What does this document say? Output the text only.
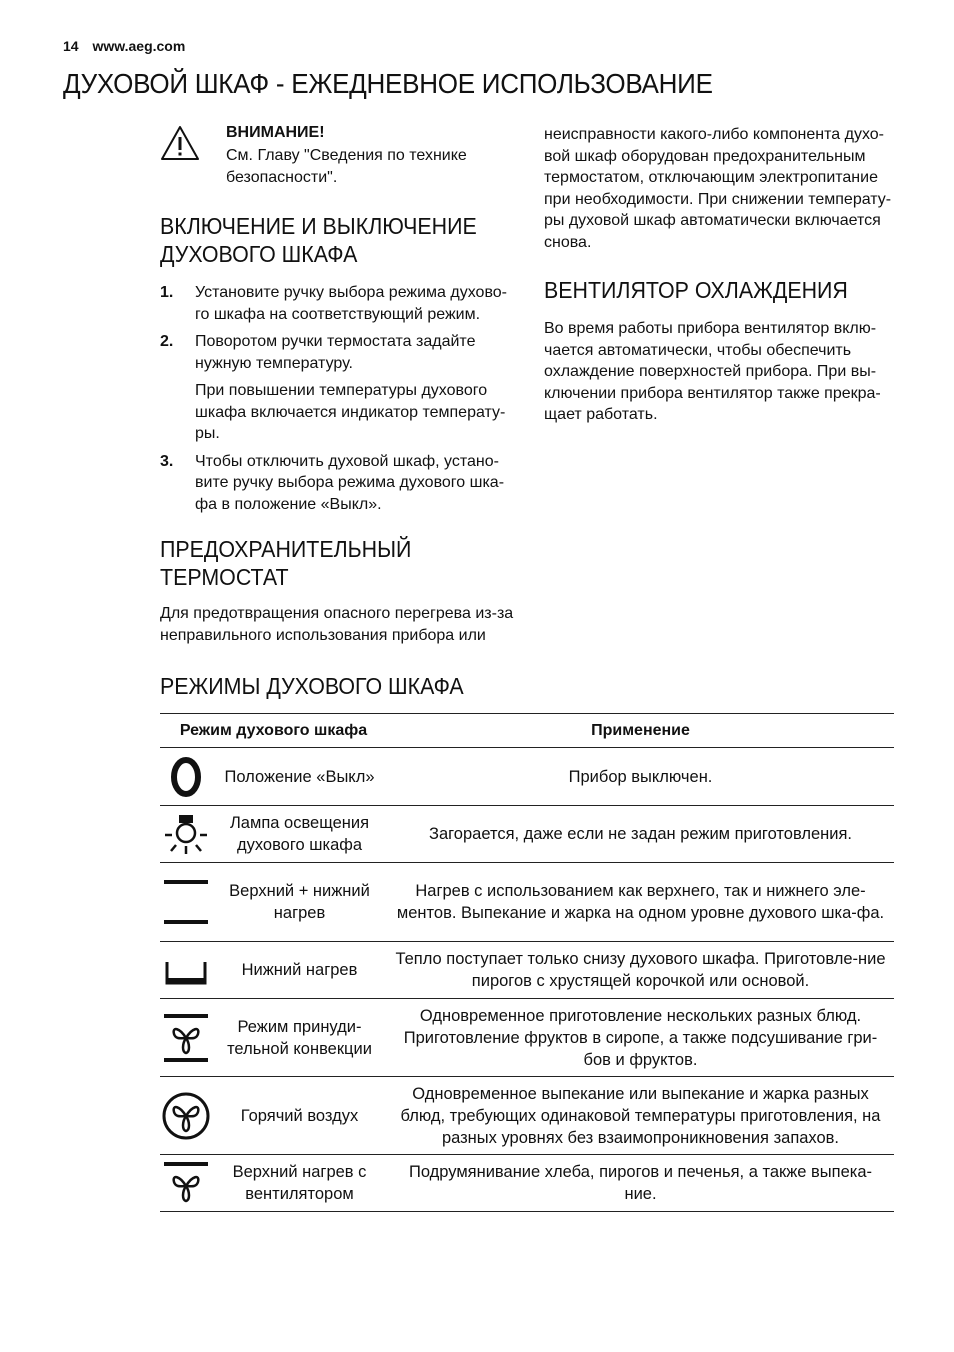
14 www.aeg.com
ДУХОВОЙ ШКАФ - ЕЖЕДНЕВНОЕ ИСПОЛЬЗОВАНИЕ
ВНИМАНИЕ!
См. Главу "Сведения по технике безопасности".
ВКЛЮЧЕНИЕ И ВЫКЛЮЧЕНИЕ
ДУХОВОГО ШКАФА
1. Установите ручку выбора режима духово-го шкафа на соответствующий режим.
2. Поворотом ручки термостата задайте нужную температуру.
При повышении температуры духового шкафа включается индикатор температу-ры.
3. Чтобы отключить духовой шкаф, устано-вите ручку выбора режима духового шка-фа в положение «Выкл».
ПРЕДОХРАНИТЕЛЬНЫЙ
ТЕРМОСТАТ
Для предотвращения опасного перегрева из-за неправильного использования прибора или
неисправности какого-либо компонента духо-вой шкаф оборудован предохранительным термостатом, отключающим электропитание при необходимости. При снижении температу-ры духовой шкаф автоматически включается снова.
ВЕНТИЛЯТОР ОХЛАЖДЕНИЯ
Во время работы прибора вентилятор вклю-чается автоматически, чтобы обеспечить охлаждение поверхностей прибора. При вы-ключении прибора вентилятор также прекра-щает работать.
РЕЖИМЫ ДУХОВОГО ШКАФА
Режим духового шкафа		Применение

	Положение «Выкл»	Прибор выключен.

	Лампа освещения духового шкафа	Загорается, даже если не задан режим приготовления.

	Верхний + нижний нагрев	Нагрев с использованием как верхнего, так и нижнего эле-ментов. Выпекание и жарка на одном уровне духового шка-фа.

	Нижний нагрев	Тепло поступает только снизу духового шкафа. Приготовле-ние пирогов с хрустящей корочкой или основой.

	Режим принуди-тельной конвекции	Одновременное приготовление нескольких разных блюд. Приготовление фруктов в сиропе, а также подсушивание гри-бов и фруктов.

	Горячий воздух	Одновременное выпекание или выпекание и жарка разных блюд, требующих одинаковой температуры приготовления, на разных уровнях без взаимопроникновения запахов.

	Верхний нагрев с вентилятором	Подрумянивание хлеба, пирогов и печенья, а также выпека-ние.
